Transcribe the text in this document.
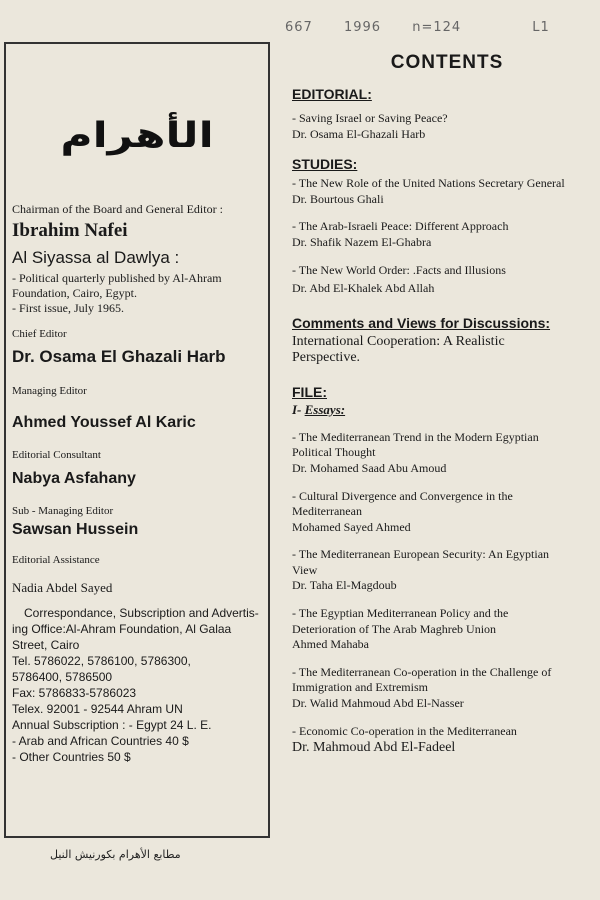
667 1996 n=124	L1
الأهرام
Chairman of the Board and General Editor :
Ibrahim Nafei
Al Siyassa al Dawlya :
- Political quarterly published by Al-Ahram
Foundation, Cairo, Egypt.
- First issue, July 1965.
Chief Editor
Dr. Osama El Ghazali Harb
Managing Editor
Ahmed Youssef Al Karic
Editorial Consultant
Nabya Asfahany
Sub - Managing Editor
Sawsan Hussein
Editorial Assistance
Nadia Abdel Sayed
Correspondance, Subscription and Advertis-
ing Office:Al-Ahram Foundation, Al Galaa
Street, Cairo
Tel. 5786022, 5786100, 5786300,
5786400, 5786500
Fax: 5786833-5786023
Telex. 92001 - 92544 Ahram UN
Annual Subscription : - Egypt 24 L. E.
- Arab and African Countries 40 $
- Other Countries 50 $
مطابع الأهرام بكورنيش النيل
CONTENTS
EDITORIAL:
- Saving Israel or Saving Peace?
Dr. Osama El-Ghazali Harb
STUDIES:
- The New Role of the United Nations Secretary General
Dr. Bourtous Ghali
- The Arab-Israeli Peace: Different Approach
Dr. Shafik Nazem El-Ghabra
- The New World Order: .Facts and Illusions
Dr. Abd El-Khalek Abd Allah
Comments and Views for Discussions:
International Cooperation: A Realistic Perspective.
FILE:
I- Essays:
- The Mediterranean Trend in the Modern Egyptian Political Thought
Dr. Mohamed Saad Abu Amoud
- Cultural Divergence and Convergence in the Mediterranean
Mohamed Sayed Ahmed
- The Mediterranean European Security: An Egyptian View
Dr. Taha El-Magdoub
- The Egyptian Mediterranean Policy and the Deterioration of The Arab Maghreb Union
Ahmed Mahaba
- The Mediterranean Co-operation in the Challenge of Immigration and Extremism
Dr. Walid Mahmoud Abd El-Nasser
- Economic Co-operation in the Mediterranean
Dr. Mahmoud Abd El-Fadeel
